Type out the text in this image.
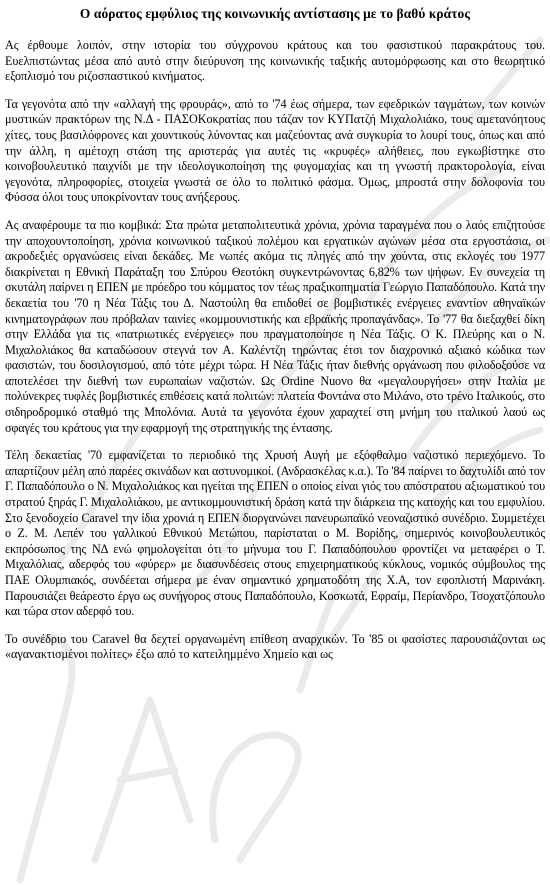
Ο αόρατος εμφύλιος της κοινωνικής αντίστασης με το βαθύ κράτος

Ας έρθουμε λοιπόν, στην ιστορία του σύγχρονου κράτους και του φασιστικού παρακράτους του. Ευελπιστώντας μέσα από αυτό στην διεύρυνση της κοινωνικής ταξικής αυτομόρφωσης και στο θεωρητικό εξοπλισμό του ριζοσπαστικού κινήματος.

Τα γεγονότα από την «αλλαγή της φρουράς», από το '74 έως σήμερα, των εφεδρικών ταγμάτων, των κοινών μυστικών πρακτόρων της Ν.Δ - ΠΑΣΟΚοκρατίας που τάζαν τον ΚΥΠατζή Μιχαλολιάκο, τους αμετανόητους χίτες, τους βασιλόφρονες και χουντικούς λύνοντας και μαζεύοντας ανά συγκυρία το λουρί τους, όπως και από την άλλη, η αμέτοχη στάση της αριστεράς για αυτές τις «κρυφές» αλήθειες, που εγκωβίστηκε στο κοινοβουλευτικό παιχνίδι με την ιδεολογικοποίηση της φυγομαχίας και τη γνωστή πρακτορολογία, είναι γεγονότα, πληροφορίες, στοιχεία γνωστά σε όλο το πολιτικό φάσμα. Όμως, μπροστά στην δολοφονία του Φύσσα όλοι τους υποκρίνονταν τους ανήξερους.

Ας αναφέρουμε τα πιο κομβικά: Στα πρώτα μεταπολιτευτικά χρόνια, χρόνια ταραγμένα που ο λαός επιζητούσε την αποχουντοποίηση, χρόνια κοινωνικού ταξικού πολέμου και εργατικών αγώνων μέσα στα εργοστάσια, οι ακροδεξιές οργανώσεις είναι δεκάδες. Με νωπές ακόμα τις πληγές από την χούντα, στις εκλογές του 1977 διακρίνεται η Εθνική Παράταξη του Σπύρου Θεοτόκη συγκεντρώνοντας 6,82% των ψήφων. Εν συνεχεία τη σκυτάλη παίρνει η ΕΠΕΝ με πρόεδρο του κόμματος τον τέως πραξικοπηματία Γεώργιο Παπαδόπουλο. Κατά την δεκαετία του '70 η Νέα Τάξις του Δ. Ναστούλη θα επιδοθεί σε βομβιστικές ενέργειες εναντίον αθηναϊκών κινηματογράφων που πρόβαλαν ταινίες «κομμουνιστικής και εβραϊκής προπαγάνδας». Το '77 θα διεξαχθεί δίκη στην Ελλάδα για τις «πατριωτικές ενέργειες» που πραγματοποίησε η Νέα Τάξις. Ο Κ. Πλεύρης και ο Ν. Μιχαλολιάκος θα καταδώσουν στεγνά τον Α. Καλέντζη τηρώντας έτσι τον διαχρονικό αξιακό κώδικα των φασιστών, του δοσιλογισμού, από τότε μέχρι τώρα. Η Νέα Τάξις ήταν διεθνής οργάνωση που φιλοδοξούσε να αποτελέσει την διεθνή των ευρωπαίων ναζιστών. Ως Ordine Nuovo θα «μεγαλουργήσει» στην Ιταλία με πολύνεκρες τυφλές βομβιστικές επιθέσεις κατά πολιτών: πλατεία Φοντάνα στο Μιλάνο, στο τρένο Ιταλικούς, στο σιδηροδρομικό σταθμό της Μπολόνια. Αυτά τα γεγονότα έχουν χαραχτεί στη μνήμη του ιταλικού λαού ως σφαγές του κράτους για την εφαρμογή της στρατηγικής της έντασης.

Τέλη δεκαετίας '70 εμφανίζεται το περιοδικό της Χρυσή Αυγή με εξόφθαλμο ναζιστικό περιεχόμενο. Το απαρτίζουν μέλη από παρέες σκινάδων και αστυνομικοί. (Ανδρασκέλας κ.α.). Το '84 παίρνει το δαχτυλίδι από τον Γ. Παπαδόπουλο ο Ν. Μιχαλολιάκος και ηγείται της ΕΠΕΝ ο οποίος είναι γιός του απόστρατου αξιωματικού του στρατού ξηράς Γ. Μιχαλολιάκου, με αντικομμουνιστική δράση κατά την διάρκεια της κατοχής και του εμφυλίου. Στο ξενοδοχείο Caravel την ίδια χρονιά η ΕΠΕΝ διοργανώνει πανευρωπαϊκό νεοναζιστικό συνέδριο. Συμμετέχει ο Ζ. Μ. Λεπέν του γαλλικού Εθνικού Μετώπου, παρίσταται ο Μ. Βορίδης, σημερινός κοινοβουλευτικός εκπρόσωπος της ΝΔ ενώ φημολογείται ότι το μήνυμα του Γ. Παπαδόπουλου φροντίζει να μεταφέρει ο Τ. Μιχαλόλιας, αδερφός του «φύρερ» με διασυνδέσεις στους επιχειρηματικούς κύκλους, νομικός σύμβουλος της ΠΑΕ Ολυμπιακός, συνδέεται σήμερα με έναν σημαντικό χρηματοδότη της Χ.Α, τον εφοπλιστή Μαρινάκη. Παρουσιάζει θεάρεστο έργο ως συνήγορος στους Παπαδόπουλο, Κοσκωτά, Εφραίμ, Περίανδρο, Τσοχατζόπουλο και τώρα στον αδερφό του.

Το συνέδριο του Caravel θα δεχτεί οργανωμένη επίθεση αναρχικών. Το '85 οι φασίστες παρουσιάζονται ως «αγανακτισμένοι πολίτες» έξω από το κατειλημμένο Χημείο και ως
